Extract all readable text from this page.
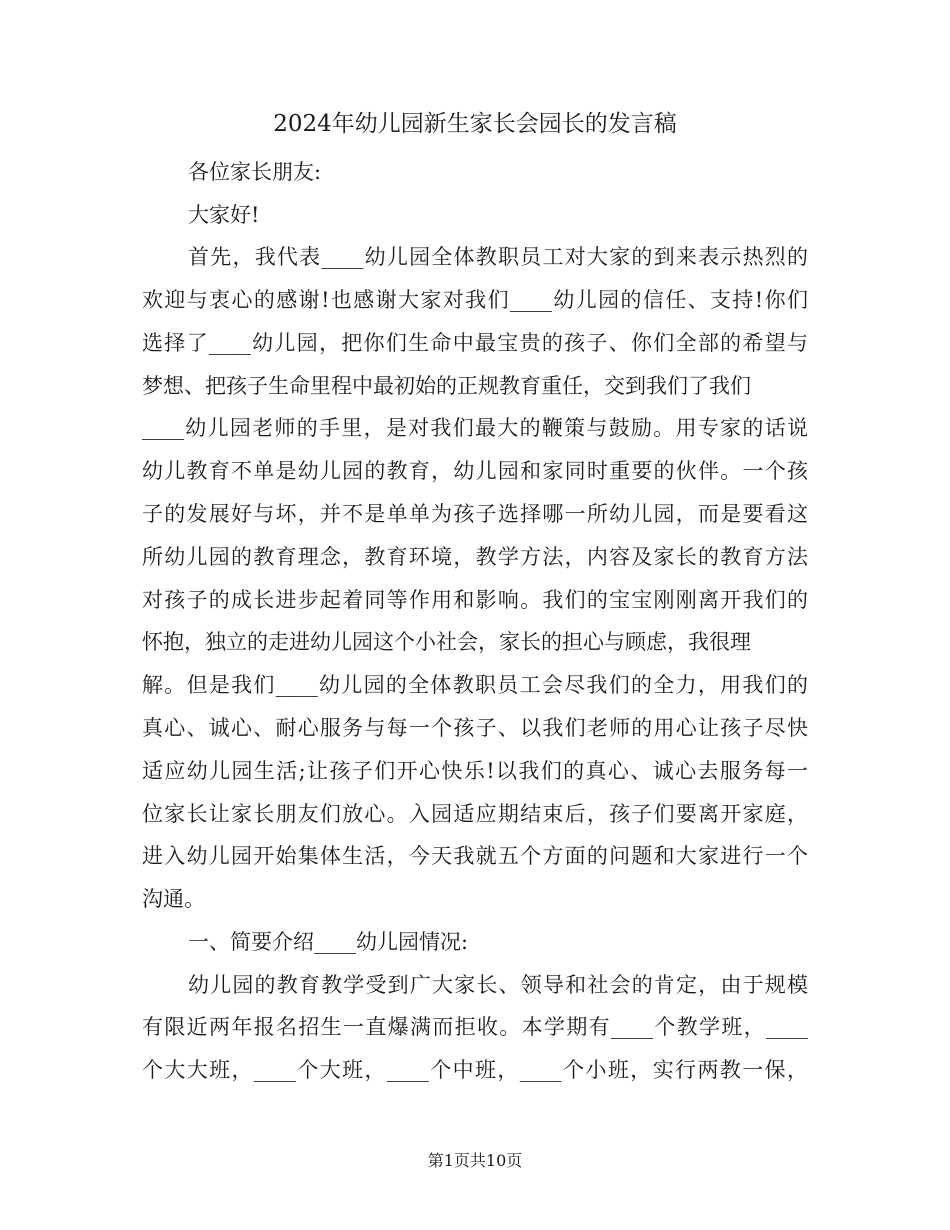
2024年幼儿园新生家长会园长的发言稿
各位家长朋友:
大家好!
首先，我代表____幼儿园全体教职员工对大家的到来表示热烈的
欢迎与衷心的感谢!也感谢大家对我们____幼儿园的信任、支持!你们
选择了____幼儿园，把你们生命中最宝贵的孩子、你们全部的希望与
梦想、把孩子生命里程中最初始的正规教育重任，交到我们了我们
____幼儿园老师的手里，是对我们最大的鞭策与鼓励。用专家的话说
幼儿教育不单是幼儿园的教育，幼儿园和家同时重要的伙伴。一个孩
子的发展好与坏，并不是单单为孩子选择哪一所幼儿园，而是要看这
所幼儿园的教育理念，教育环境，教学方法，内容及家长的教育方法
对孩子的成长进步起着同等作用和影响。我们的宝宝刚刚离开我们的
怀抱，独立的走进幼儿园这个小社会，家长的担心与顾虑，我很理
解。但是我们____幼儿园的全体教职员工会尽我们的全力，用我们的
真心、诚心、耐心服务与每一个孩子、以我们老师的用心让孩子尽快
适应幼儿园生活;让孩子们开心快乐!以我们的真心、诚心去服务每一
位家长让家长朋友们放心。入园适应期结束后，孩子们要离开家庭，
进入幼儿园开始集体生活，今天我就五个方面的问题和大家进行一个
沟通。
一、简要介绍____幼儿园情况:
幼儿园的教育教学受到广大家长、领导和社会的肯定，由于规模
有限近两年报名招生一直爆满而拒收。本学期有____个教学班，____
个大大班，____个大班，____个中班，____个小班，实行两教一保，
第1页共10页
